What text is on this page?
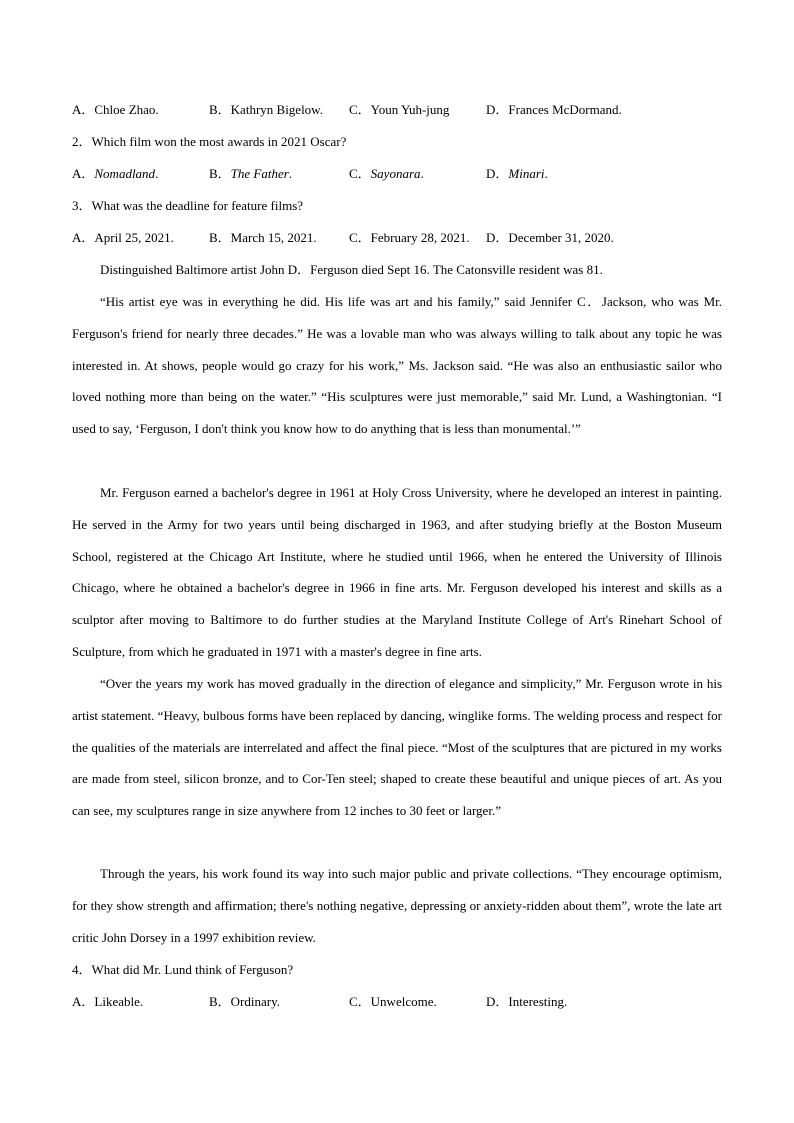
A．Chloe Zhao.	B．Kathryn Bigelow. C．Youn Yuh-jung	D．Frances McDormand.
2．Which film won the most awards in 2021 Oscar?
A．Nomadland.	B．The Father.	C．Sayonara.	D．Minari.
3．What was the deadline for feature films?
A．April 25, 2021.	B．March 15, 2021. C．February 28, 2021. D．December 31, 2020.
Distinguished Baltimore artist John D．Ferguson died Sept 16. The Catonsville resident was 81.
“His artist eye was in everything he did. His life was art and his family,” said Jennifer C．Jackson, who was Mr. Ferguson's friend for nearly three decades.” He was a lovable man who was always willing to talk about any topic he was interested in. At shows, people would go crazy for his work,” Ms. Jackson said. “He was also an enthusiastic sailor who loved nothing more than being on the water.” “His sculptures were just memorable,” said Mr. Lund, a Washingtonian. “I used to say, ‘Ferguson, I don't think you know how to do anything that is less than monumental.’”
Mr. Ferguson earned a bachelor's degree in 1961 at Holy Cross University, where he developed an interest in painting. He served in the Army for two years until being discharged in 1963, and after studying briefly at the Boston Museum School, registered at the Chicago Art Institute, where he studied until 1966, when he entered the University of Illinois Chicago, where he obtained a bachelor's degree in 1966 in fine arts. Mr. Ferguson developed his interest and skills as a sculptor after moving to Baltimore to do further studies at the Maryland Institute College of Art's Rinehart School of Sculpture, from which he graduated in 1971 with a master's degree in fine arts.
“Over the years my work has moved gradually in the direction of elegance and simplicity,” Mr. Ferguson wrote in his artist statement. “Heavy, bulbous forms have been replaced by dancing, winglike forms. The welding process and respect for the qualities of the materials are interrelated and affect the final piece. “Most of the sculptures that are pictured in my works are made from steel, silicon bronze, and to Cor-Ten steel; shaped to create these beautiful and unique pieces of art. As you can see, my sculptures range in size anywhere from 12 inches to 30 feet or larger.”
Through the years, his work found its way into such major public and private collections. “They encourage optimism, for they show strength and affirmation; there's nothing negative, depressing or anxiety-ridden about them”, wrote the late art critic John Dorsey in a 1997 exhibition review.
4．What did Mr. Lund think of Ferguson?
A．Likeable.	B．Ordinary.	C．Unwelcome.	D．Interesting.
